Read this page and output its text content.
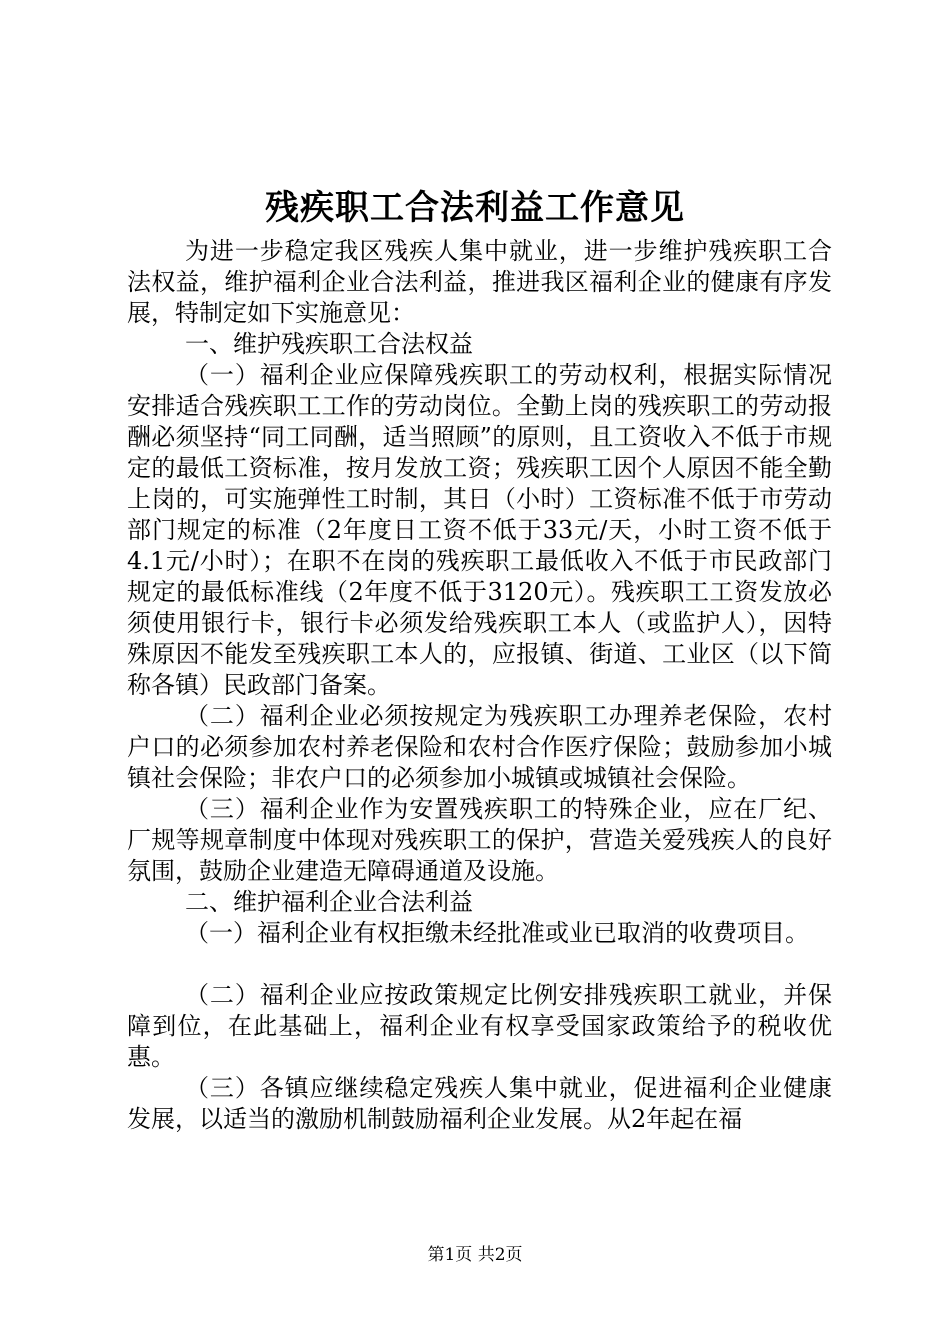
残疾职工合法利益工作意见

为进一步稳定我区残疾人集中就业，进一步维护残疾职工合法权益，维护福利企业合法利益，推进我区福利企业的健康有序发展，特制定如下实施意见：

一、维护残疾职工合法权益

（一）福利企业应保障残疾职工的劳动权利，根据实际情况安排适合残疾职工工作的劳动岗位。全勤上岗的残疾职工的劳动报酬必须坚持“同工同酬，适当照顾”的原则，且工资收入不低于市规定的最低工资标准，按月发放工资；残疾职工因个人原因不能全勤上岗的，可实施弹性工时制，其日（小时）工资标准不低于市劳动部门规定的标准（2年度日工资不低于33元/天，小时工资不低于4.1元/小时）；在职不在岗的残疾职工最低收入不低于市民政部门规定的最低标准线（2年度不低于3120元）。残疾职工工资发放必须使用银行卡，银行卡必须发给残疾职工本人（或监护人），因特殊原因不能发至残疾职工本人的，应报镇、街道、工业区（以下简称各镇）民政部门备案。

（二）福利企业必须按规定为残疾职工办理养老保险，农村户口的必须参加农村养老保险和农村合作医疗保险；鼓励参加小城镇社会保险；非农户口的必须参加小城镇或城镇社会保险。

（三）福利企业作为安置残疾职工的特殊企业，应在厂纪、厂规等规章制度中体现对残疾职工的保护，营造关爱残疾人的良好氛围，鼓励企业建造无障碍通道及设施。

二、维护福利企业合法利益

（一）福利企业有权拒缴未经批准或业已取消的收费项目。

（二）福利企业应按政策规定比例安排残疾职工就业，并保障到位，在此基础上，福利企业有权享受国家政策给予的税收优惠。

（三）各镇应继续稳定残疾人集中就业，促进福利企业健康发展，以适当的激励机制鼓励福利企业发展。从2年起在福

第1页 共2页
